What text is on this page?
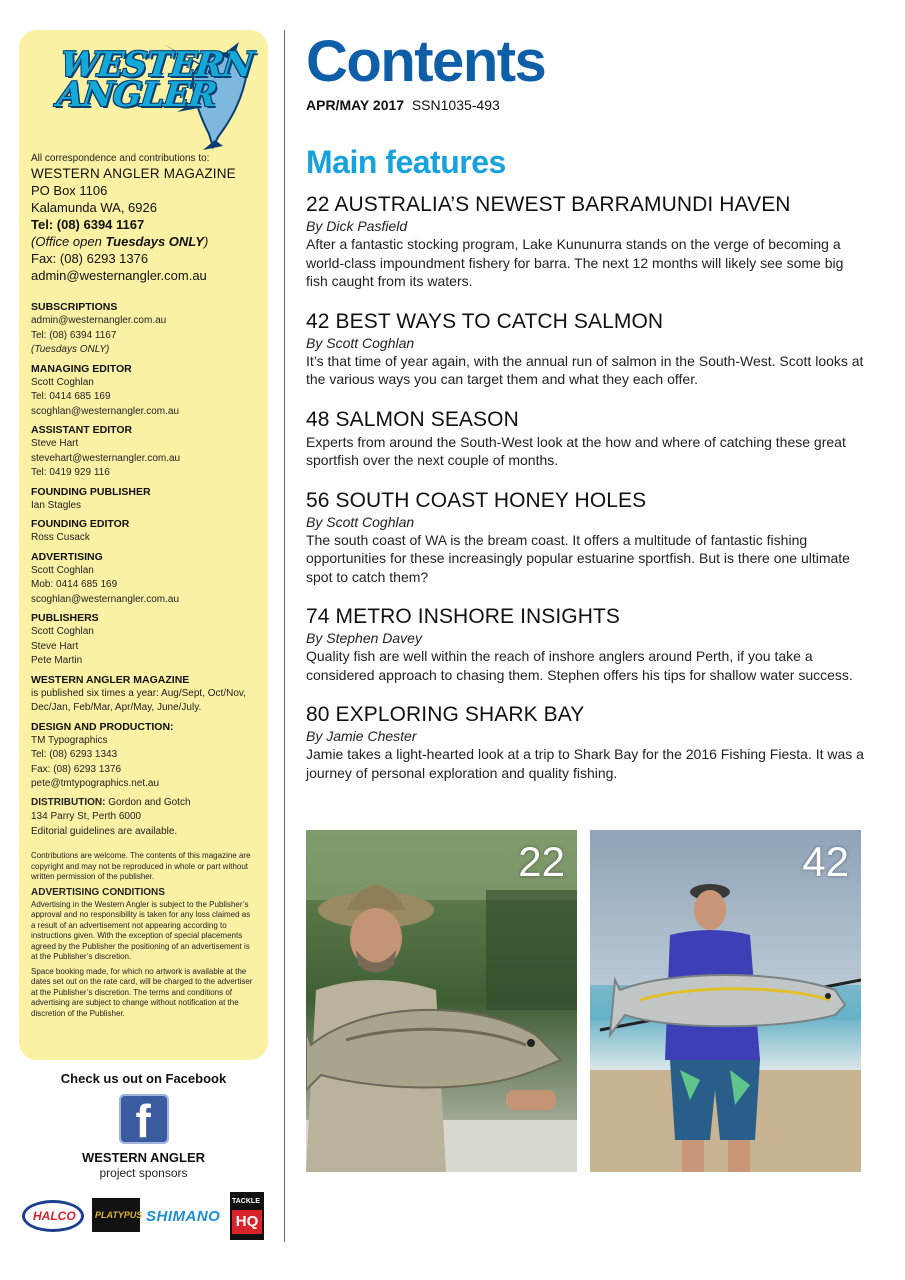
WESTERN ANGLER
All correspondence and contributions to:
WESTERN ANGLER MAGAZINE
PO Box 1106
Kalamunda WA, 6926
Tel: (08) 6394 1167
(Office open Tuesdays ONLY)
Fax: (08) 6293 1376
admin@westernangler.com.au
SUBSCRIPTIONS
admin@westernangler.com.au
Tel: (08) 6394 1167
(Tuesdays ONLY)
MANAGING EDITOR
Scott Coghlan
Tel: 0414 685 169
scoghlan@westernangler.com.au
ASSISTANT EDITOR
Steve Hart
stevehart@westernangler.com.au
Tel: 0419 929 116
FOUNDING PUBLISHER
Ian Stagles
FOUNDING EDITOR
Ross Cusack
ADVERTISING
Scott Coghlan
Mob: 0414 685 169
scoghlan@westernangler.com.au
PUBLISHERS
Scott Coghlan
Steve Hart
Pete Martin
WESTERN ANGLER MAGAZINE
is published six times a year: Aug/Sept, Oct/Nov,
Dec/Jan, Feb/Mar, Apr/May, June/July.
DESIGN AND PRODUCTION:
TM Typographics
Tel: (08) 6293 1343
Fax: (08) 6293 1376
pete@tmtypographics.net.au
DISTRIBUTION: Gordon and Gotch
134 Parry St, Perth 6000
Editorial guidelines are available.

Contributions are welcome. The contents of this magazine are copyright and may not be reproduced in whole or part without written permission of the publisher.

ADVERTISING CONDITIONS

Advertising in the Western Angler is subject to the Publisher’s approval and no responsibility is taken for any loss claimed as a result of an advertisement not appearing according to instructions given. With the exception of special placements agreed by the Publisher the positioning of an advertisement is at the Publisher’s discretion.

Space booking made, for which no artwork is available at the dates set out on the rate card, will be charged to the advertiser at the Publisher’s discretion. The terms and conditions of advertising are subject to change without notification at the discretion of the Publisher.

Check us out on Facebook
f
WESTERN ANGLER
project sponsors
HALCO PLATYPUS SHIMANO
TACKLE
HQ
Contents
APR/MAY 2017 SSN1035-493
Main features
22 AUSTRALIA’S NEWEST BARRAMUNDI HAVEN
By Dick Pasfield
After a fantastic stocking program, Lake Kununurra stands on the verge of becoming a world-class impoundment fishery for barra. The next 12 months will likely see some big fish caught from its waters.
42 BEST WAYS TO CATCH SALMON
By Scott Coghlan
It’s that time of year again, with the annual run of salmon in the South-West. Scott looks at the various ways you can target them and what they each offer.
48 SALMON SEASON
Experts from around the South-West look at the how and where of catching these great sportfish over the next couple of months.
56 SOUTH COAST HONEY HOLES
By Scott Coghlan
The south coast of WA is the bream coast. It offers a multitude of fantastic fishing opportunities for these increasingly popular estuarine sportfish. But is there one ultimate spot to catch them?
74 METRO INSHORE INSIGHTS
By Stephen Davey
Quality fish are well within the reach of inshore anglers around Perth, if you take a considered approach to chasing them. Stephen offers his tips for shallow water success.
80 EXPLORING SHARK BAY
By Jamie Chester
Jamie takes a light-hearted look at a trip to Shark Bay for the 2016 Fishing Fiesta. It was a journey of personal exploration and quality fishing.
22	42
